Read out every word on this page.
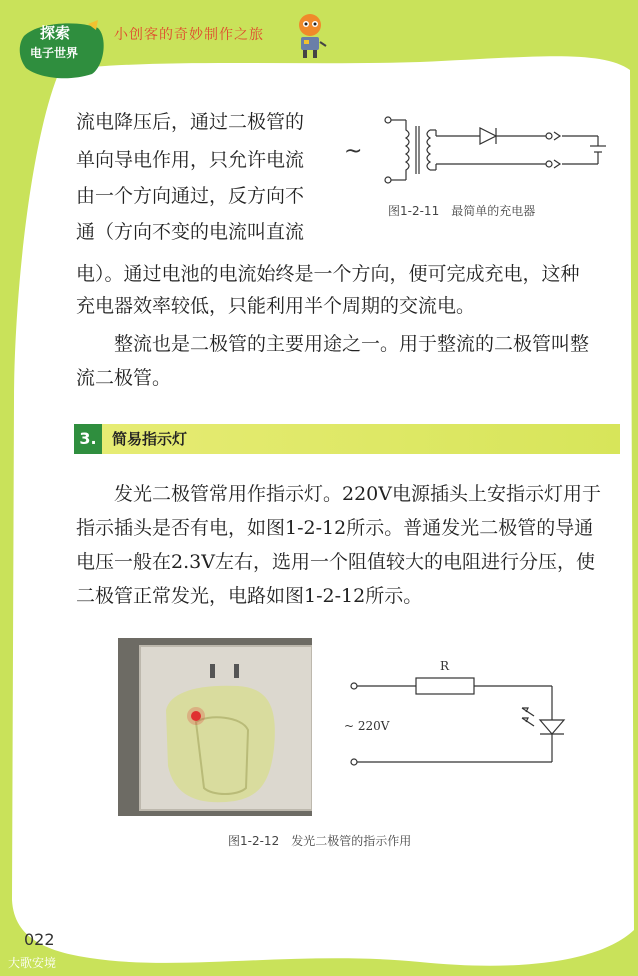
探索
电子世界
小创客的奇妙制作之旅

流电降压后，通过二极管的

单向导电作用，只允许电流

由一个方向通过，反方向不

通（方向不变的电流叫直流

~
图1-2-11　最简单的充电器

电）。通过电池的电流始终是一个方向，便可完成充电，这种

充电器效率较低，只能利用半个周期的交流电。

　　整流也是二极管的主要用途之一。用于整流的二极管叫整

流二极管。

3.	简易指示灯

　　发光二极管常用作指示灯。220V电源插头上安指示灯用于

指示插头是否有电，如图1-2-12所示。普通发光二极管的导通

电压一般在2.3V左右，选用一个阻值较大的电阻进行分压，使

二极管正常发光，电路如图1-2-12所示。

R
~ 220V
图1-2-12　发光二极管的指示作用
022
大歌安境
